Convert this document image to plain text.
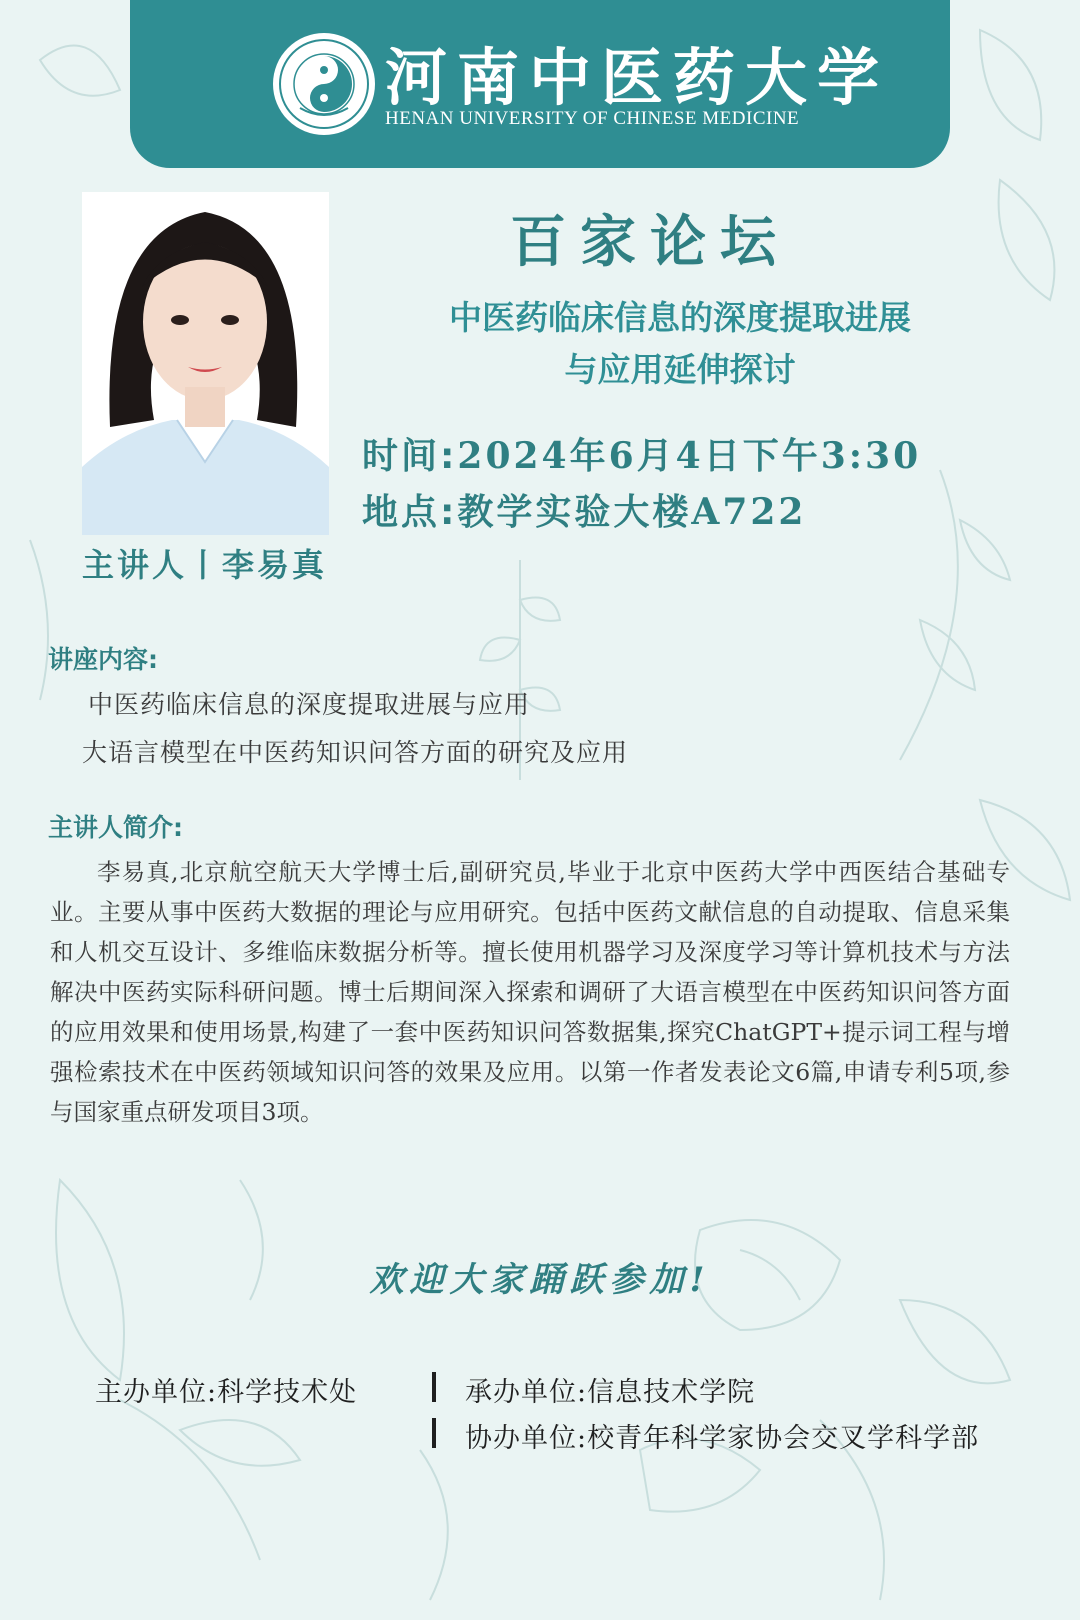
河南中医药大学
HENAN UNIVERSITY OF CHINESE MEDICINE
主讲人丨李易真
百家论坛
中医药临床信息的深度提取进展
与应用延伸探讨
时间:2024年6月4日下午3:30
地点:教学实验大楼A722
讲座内容:
中医药临床信息的深度提取进展与应用
大语言模型在中医药知识问答方面的研究及应用
主讲人简介:

李易真,北京航空航天大学博士后,副研究员,毕业于北京中医药大学中西医结合基础专业。主要从事中医药大数据的理论与应用研究。包括中医药文献信息的自动提取、信息采集和人机交互设计、多维临床数据分析等。擅长使用机器学习及深度学习等计算机技术与方法解决中医药实际科研问题。博士后期间深入探索和调研了大语言模型在中医药知识问答方面的应用效果和使用场景,构建了一套中医药知识问答数据集,探究ChatGPT+提示词工程与增强检索技术在中医药领域知识问答的效果及应用。以第一作者发表论文6篇,申请专利5项,参与国家重点研发项目3项。

欢迎大家踊跃参加!
主办单位:科学技术处	承办单位:信息技术学院
协办单位:校青年科学家协会交叉学科学部
